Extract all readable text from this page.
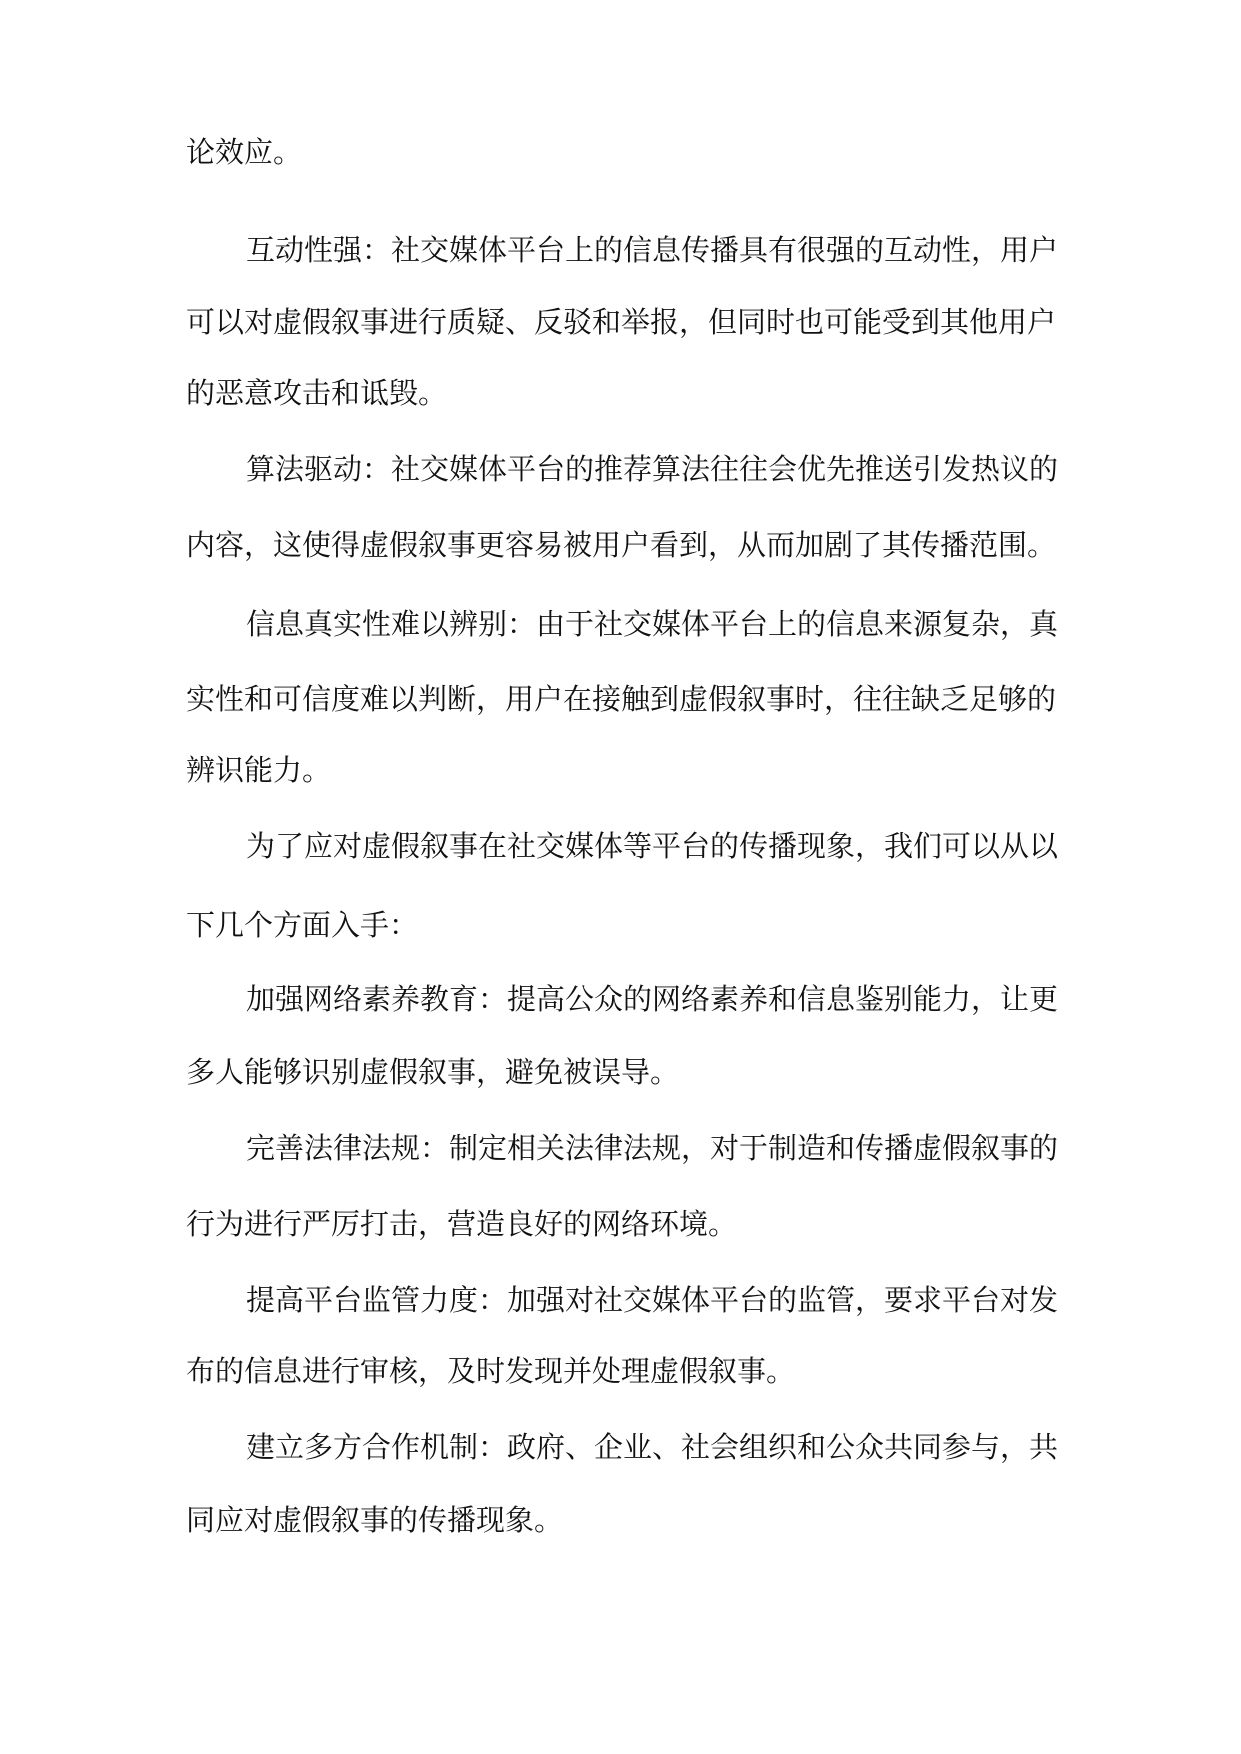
论效应。

互动性强：社交媒体平台上的信息传播具有很强的互动性，用户

可以对虚假叙事进行质疑、反驳和举报，但同时也可能受到其他用户

的恶意攻击和诋毁。

算法驱动：社交媒体平台的推荐算法往往会优先推送引发热议的

内容，这使得虚假叙事更容易被用户看到，从而加剧了其传播范围。

信息真实性难以辨别：由于社交媒体平台上的信息来源复杂，真

实性和可信度难以判断，用户在接触到虚假叙事时，往往缺乏足够的

辨识能力。

为了应对虚假叙事在社交媒体等平台的传播现象，我们可以从以

下几个方面入手：

加强网络素养教育：提高公众的网络素养和信息鉴别能力，让更

多人能够识别虚假叙事，避免被误导。

完善法律法规：制定相关法律法规，对于制造和传播虚假叙事的

行为进行严厉打击，营造良好的网络环境。

提高平台监管力度：加强对社交媒体平台的监管，要求平台对发

布的信息进行审核，及时发现并处理虚假叙事。

建立多方合作机制：政府、企业、社会组织和公众共同参与，共

同应对虚假叙事的传播现象。
